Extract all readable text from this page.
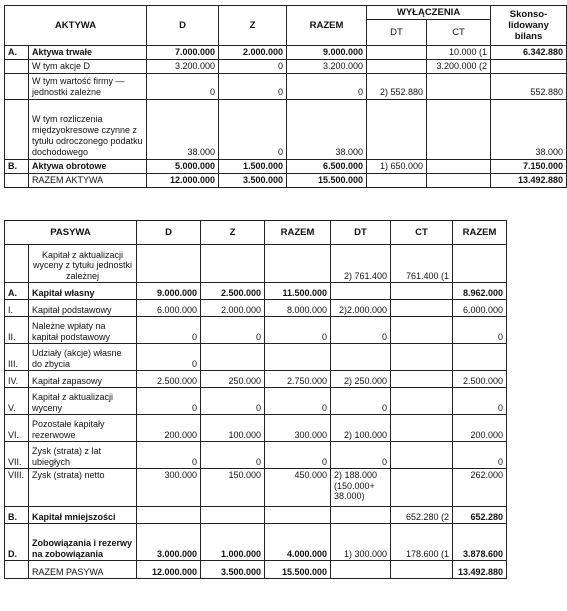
AKTYWA		D	Z	RAZEM	WYŁĄCZENIA		Skonso-
lidowany
bilans
					DT	CT	
A.	Aktywa trwałe	7.000.000	2.000.000	9.000.000		10.000 (1	6.342.880
	W tym akcje D	3.200.000	0	3.200.000		3.200.000 (2	
	W tym wartość firmy — jednostki zależne	0	0	0	2) 552.880		552.880
	W tym rozliczenia międzyokresowe czynne z tytułu odroczonego podatku dochodowego	38.000	0	38.000			38.000
B.	Aktywa obrotowe	5.000.000	1.500.000	6.500.000	1) 650.000		7.150.000
	RAZEM AKTYWA	12.000.000	3.500.000	15.500.000			13.492.880
PASYWA		D	Z	RAZEM	DT	CT	RAZEM
	Kapitał z aktualizacji wyceny z tytułu jednostki zależnej				2) 761.400	761.400 (1	
A.	Kapitał własny	9.000.000	2.500.000	11.500.000			8.962.000
I.	Kapitał podstawowy	6.000.000	2.000.000	8.000.000	2)2.000.000		6.000.000
II.	Należne wpłaty na kapitał podstawowy	0	0	0	0		0
III.	Udziały (akcje) własne do zbycia	0					
IV.	Kapitał zapasowy	2.500.000	250.000	2.750.000	2) 250.000		2.500.000
V.	Kapitał z aktualizacji wyceny	0	0	0	0		0
VI.	Pozostałe kapitały rezerwowe	200.000	100.000	300.000	2) 100.000		200.000
VII.	Zysk (strata) z lat ubiegłych	0	0	0	0		0
VIII.	Zysk (strata) netto	300.000	150.000	450.000	2) 188.000
(150.000+
38.000)		262.000
B.	Kapitał mniejszości					652.280 (2	652.280
D.	Zobowiązania i rezerwy na zobowiązania	3.000.000	1.000.000	4.000.000	1) 300.000	178.600 (1	3.878.600
	RAZEM PASYWA	12.000.000	3.500.000	15.500.000			13.492.880
